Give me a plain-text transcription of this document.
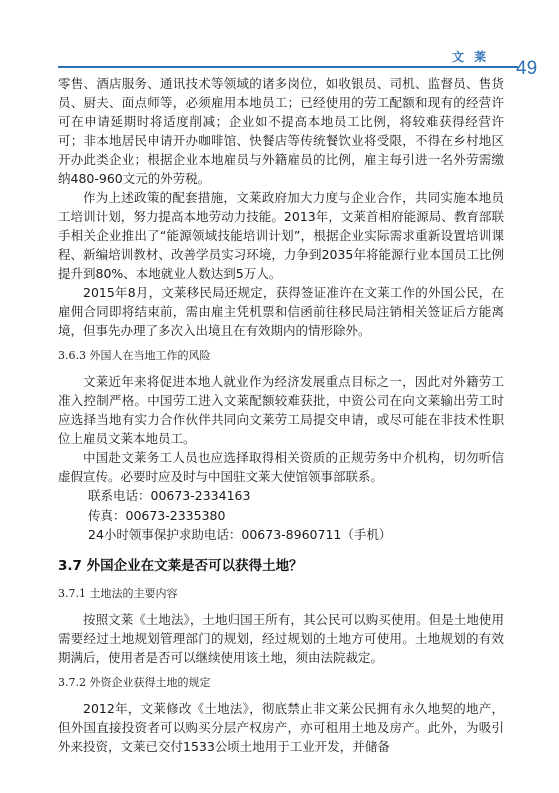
文 莱
49

零售、酒店服务、通讯技术等领域的诸多岗位，如收银员、司机、监督员、售货员、厨夫、面点师等，必须雇用本地员工；已经使用的劳工配额和现有的经营许可在申请延期时将适度削减；企业如不提高本地员工比例，将较难获得经营许可；非本地居民申请开办咖啡馆、快餐店等传统餐饮业将受限，不得在乡村地区开办此类企业；根据企业本地雇员与外籍雇员的比例，雇主每引进一名外劳需缴纳480-960文元的外劳税。

作为上述政策的配套措施，文莱政府加大力度与企业合作，共同实施本地员工培训计划，努力提高本地劳动力技能。2013年，文莱首相府能源局、教育部联手相关企业推出了“能源领域技能培训计划”，根据企业实际需求重新设置培训课程、新编培训教材、改善学员实习环境，力争到2035年将能源行业本国员工比例提升到80%、本地就业人数达到5万人。

2015年8月，文莱移民局还规定，获得签证准许在文莱工作的外国公民，在雇佣合同即将结束前，需由雇主凭机票和信函前往移民局注销相关签证后方能离境，但事先办理了多次入出境且在有效期内的情形除外。

3.6.3 外国人在当地工作的风险

文莱近年来将促进本地人就业作为经济发展重点目标之一，因此对外籍劳工准入控制严格。中国劳工进入文莱配额较难获批，中资公司在向文莱输出劳工时应选择当地有实力合作伙伴共同向文莱劳工局提交申请，或尽可能在非技术性职位上雇员文莱本地员工。

中国赴文莱务工人员也应选择取得相关资质的正规劳务中介机构，切勿听信虚假宣传。必要时应及时与中国驻文莱大使馆领事部联系。

联系电话：00673-2334163

传真：00673-2335380

24小时领事保护求助电话：00673-8960711（手机）

3.7 外国企业在文莱是否可以获得土地？
3.7.1 土地法的主要内容

按照文莱《土地法》，土地归国王所有，其公民可以购买使用。但是土地使用需要经过土地规划管理部门的规划，经过规划的土地方可使用。土地规划的有效期满后，使用者是否可以继续使用该土地，须由法院裁定。

3.7.2 外资企业获得土地的规定

2012年，文莱修改《土地法》，彻底禁止非文莱公民拥有永久地契的地产，但外国直接投资者可以购买分层产权房产，亦可租用土地及房产。此外，为吸引外来投资，文莱已交付1533公顷土地用于工业开发，并储备
